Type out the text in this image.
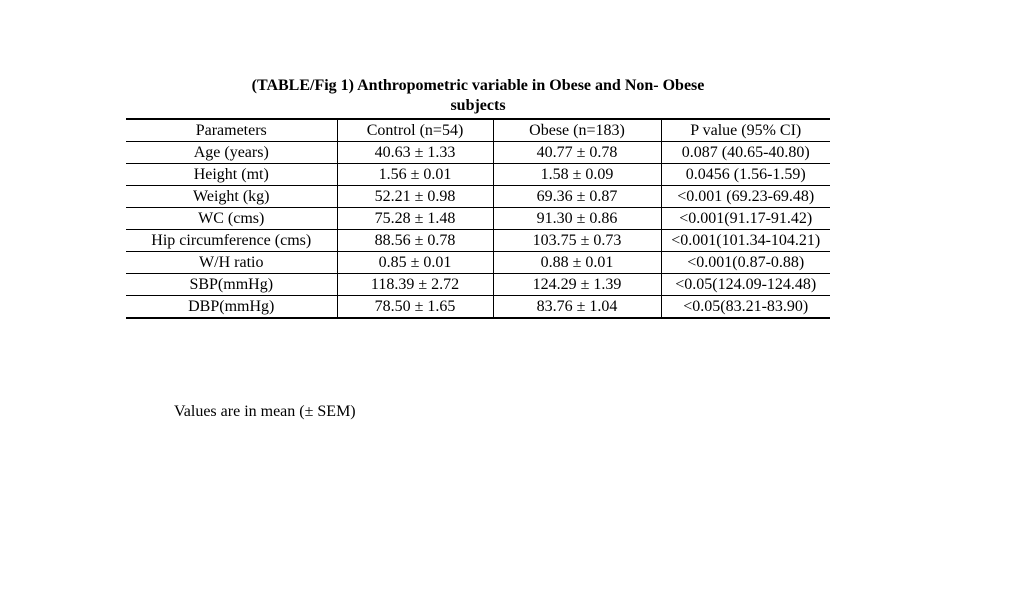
(TABLE/Fig 1) Anthropometric variable in Obese and Non- Obese
subjects
Parameters	Control (n=54)	Obese (n=183)	P value (95% CI)
Age (years)	40.63 ± 1.33	40.77 ± 0.78	0.087 (40.65-40.80)
Height (mt)	1.56 ± 0.01	1.58 ± 0.09	0.0456 (1.56-1.59)
Weight (kg)	52.21 ± 0.98	69.36 ± 0.87	<0.001 (69.23-69.48)
WC (cms)	75.28 ± 1.48	91.30 ± 0.86	<0.001(91.17-91.42)
Hip circumference (cms)	88.56 ± 0.78	103.75 ± 0.73	<0.001(101.34-104.21)
W/H ratio	0.85 ± 0.01	0.88 ± 0.01	<0.001(0.87-0.88)
SBP(mmHg)	118.39 ± 2.72	124.29 ± 1.39	<0.05(124.09-124.48)
DBP(mmHg)	78.50 ± 1.65	83.76 ± 1.04	<0.05(83.21-83.90)
Values are in mean (± SEM)
